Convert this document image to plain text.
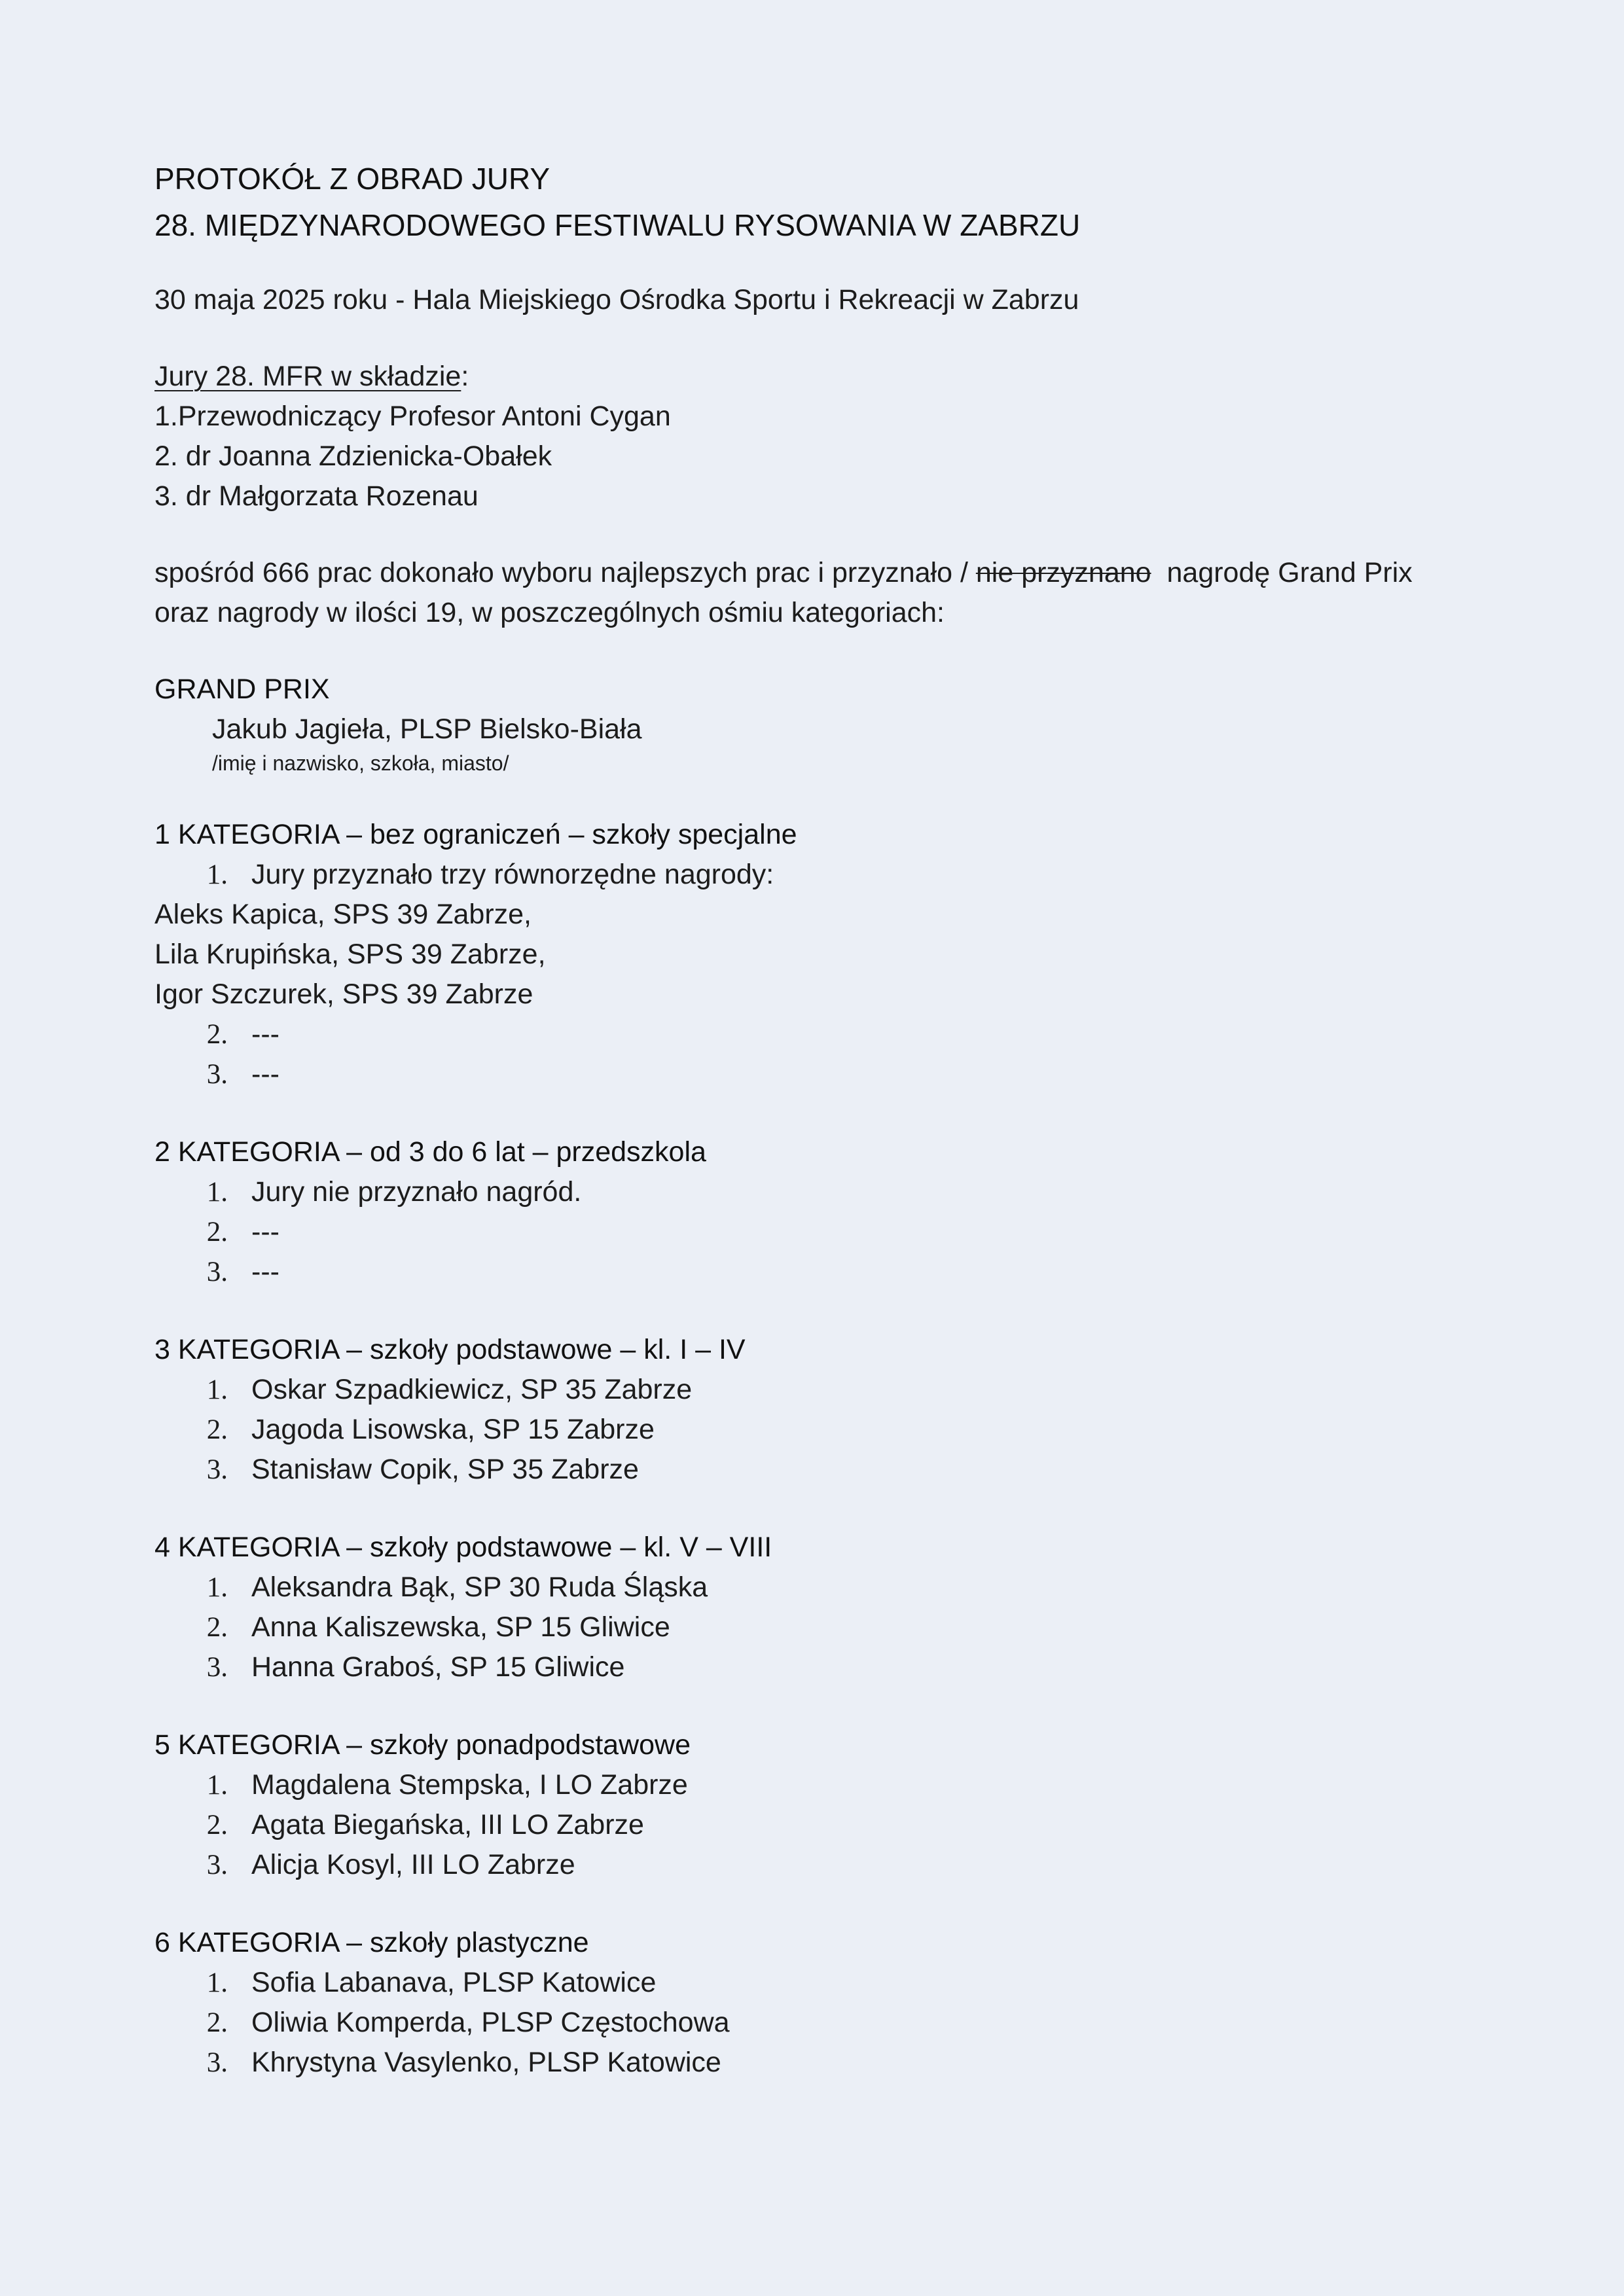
PROTOKÓŁ Z OBRAD JURY
28. MIĘDZYNARODOWEGO FESTIWALU RYSOWANIA W ZABRZU
30 maja 2025 roku - Hala Miejskiego Ośrodka Sportu i Rekreacji w Zabrzu
Jury 28. MFR w składzie:
1.Przewodniczący Profesor Antoni Cygan
2. dr Joanna Zdzienicka-Obałek
3. dr Małgorzata Rozenau
spośród 666 prac dokonało wyboru najlepszych prac i przyznało / nie przyznano  nagrodę Grand Prix
oraz nagrody w ilości 19, w poszczególnych ośmiu kategoriach:
GRAND PRIX
Jakub Jagieła, PLSP Bielsko-Biała
/imię i nazwisko, szkoła, miasto/
1 KATEGORIA – bez ograniczeń – szkoły specjalne
1. Jury przyznało trzy równorzędne nagrody:
Aleks Kapica, SPS 39 Zabrze,
Lila Krupińska, SPS 39 Zabrze,
Igor Szczurek, SPS 39 Zabrze
2. ---
3. ---
2 KATEGORIA – od 3 do 6 lat – przedszkola
1. Jury nie przyznało nagród.
2. ---
3. ---
3 KATEGORIA – szkoły podstawowe – kl. I – IV
1. Oskar Szpadkiewicz, SP 35 Zabrze
2. Jagoda Lisowska, SP 15 Zabrze
3. Stanisław Copik, SP 35 Zabrze
4 KATEGORIA – szkoły podstawowe – kl. V – VIII
1. Aleksandra Bąk, SP 30 Ruda Śląska
2. Anna Kaliszewska, SP 15 Gliwice
3. Hanna Graboś, SP 15 Gliwice
5 KATEGORIA – szkoły ponadpodstawowe
1. Magdalena Stempska, I LO Zabrze
2. Agata Biegańska, III LO Zabrze
3. Alicja Kosyl, III LO Zabrze
6 KATEGORIA – szkoły plastyczne
1. Sofia Labanava, PLSP Katowice
2. Oliwia Komperda, PLSP Częstochowa
3. Khrystyna Vasylenko, PLSP Katowice
